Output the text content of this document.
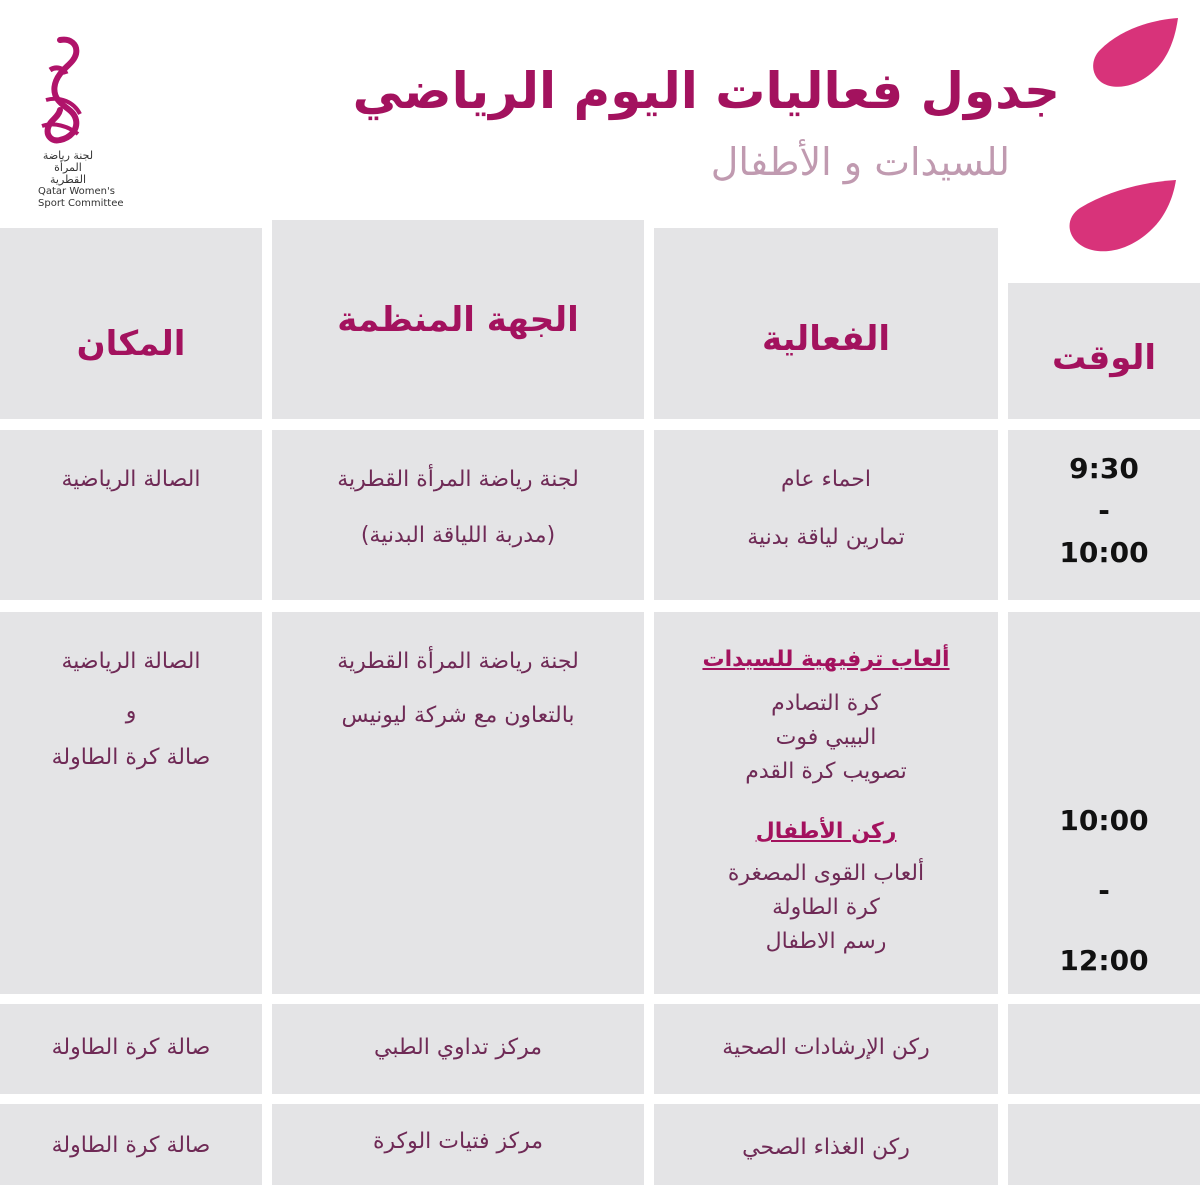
لجنة رياضة
المرأة القطرية
Qatar Women's
Sport Committee
جدول فعاليات اليوم الرياضي
للسيدات و الأطفال
الوقت
الفعالية
الجهة المنظمة
المكان
9:30
-
10:00
احماء عام
تمارين لياقة بدنية
لجنة رياضة المرأة القطرية
(مدربة اللياقة البدنية)
الصالة الرياضية
10:00
-
12:00
ألعاب ترفيهية للسيدات
كرة التصادم
البيبي فوت
تصويب كرة القدم
ركن الأطفال
ألعاب القوى المصغرة
كرة الطاولة
رسم الاطفال
لجنة رياضة المرأة القطرية
بالتعاون مع شركة ليونيس
الصالة الرياضية
و
صالة كرة الطاولة
ركن الإرشادات الصحية
مركز تداوي الطبي
صالة كرة الطاولة
ركن الغذاء الصحي
مركز فتيات الوكرة
صالة كرة الطاولة
